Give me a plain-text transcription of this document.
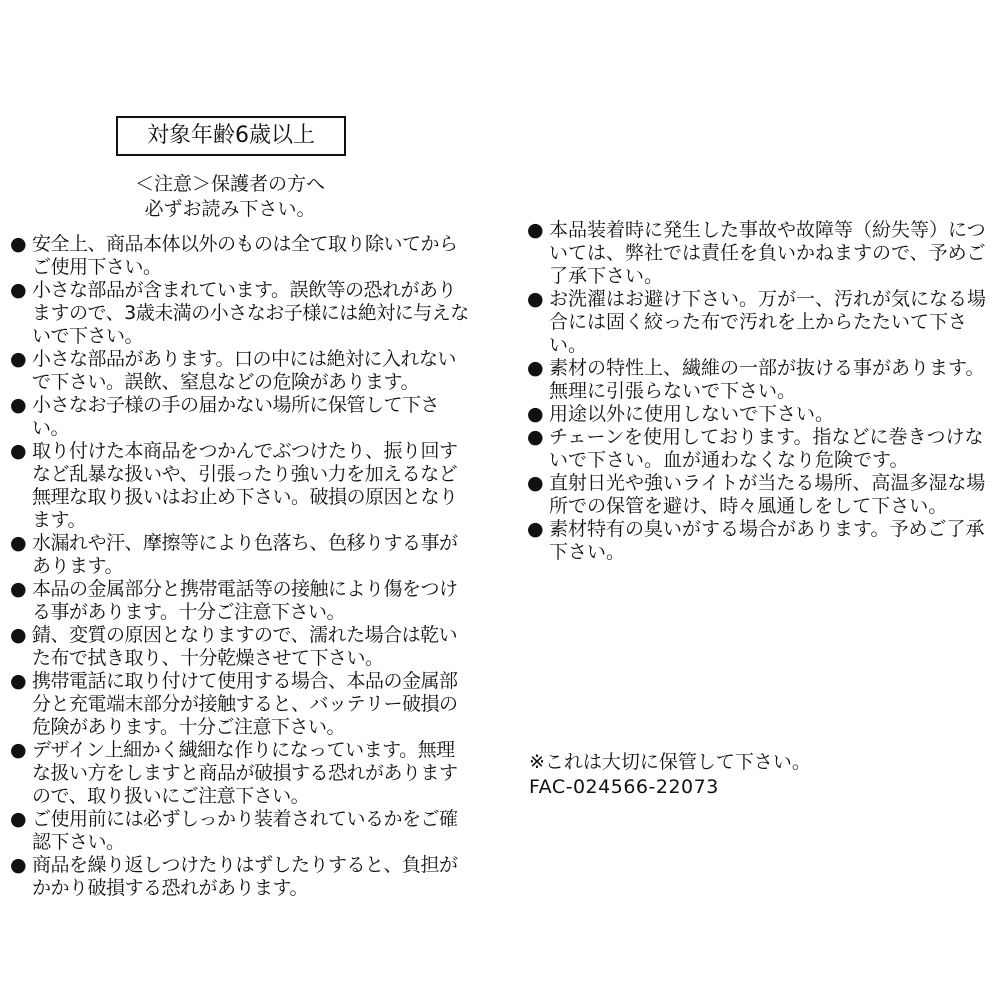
対象年齢6歳以上
＜注意＞保護者の方へ
必ずお読み下さい。
● 安全上、商品本体以外のものは全て取り除いてからご使用下さい。
● 小さな部品が含まれています。誤飲等の恐れがありますので、3歳未満の小さなお子様には絶対に与えないで下さい。
● 小さな部品があります。口の中には絶対に入れないで下さい。誤飲、窒息などの危険があります。
● 小さなお子様の手の届かない場所に保管して下さい。
● 取り付けた本商品をつかんでぶつけたり、振り回すなど乱暴な扱いや、引張ったり強い力を加えるなど無理な取り扱いはお止め下さい。破損の原因となります。
● 水漏れや汗、摩擦等により色落ち、色移りする事があります。
● 本品の金属部分と携帯電話等の接触により傷をつける事があります。十分ご注意下さい。
● 錆、変質の原因となりますので、濡れた場合は乾いた布で拭き取り、十分乾燥させて下さい。
● 携帯電話に取り付けて使用する場合、本品の金属部分と充電端末部分が接触すると、バッテリー破損の危険があります。十分ご注意下さい。
● デザイン上細かく繊細な作りになっています。無理な扱い方をしますと商品が破損する恐れがありますので、取り扱いにご注意下さい。
● ご使用前には必ずしっかり装着されているかをご確認下さい。
● 商品を繰り返しつけたりはずしたりすると、負担がかかり破損する恐れがあります。
● 本品装着時に発生した事故や故障等（紛失等）については、弊社では責任を負いかねますので、予めご了承下さい。
● お洗濯はお避け下さい。万が一、汚れが気になる場合には固く絞った布で汚れを上からたたいて下さい。
● 素材の特性上、繊維の一部が抜ける事があります。無理に引張らないで下さい。
● 用途以外に使用しないで下さい。
● チェーンを使用しております。指などに巻きつけないで下さい。血が通わなくなり危険です。
● 直射日光や強いライトが当たる場所、高温多湿な場所での保管を避け、時々風通しをして下さい。
● 素材特有の臭いがする場合があります。予めご了承下さい。
※これは大切に保管して下さい。
FAC-024566-22073
